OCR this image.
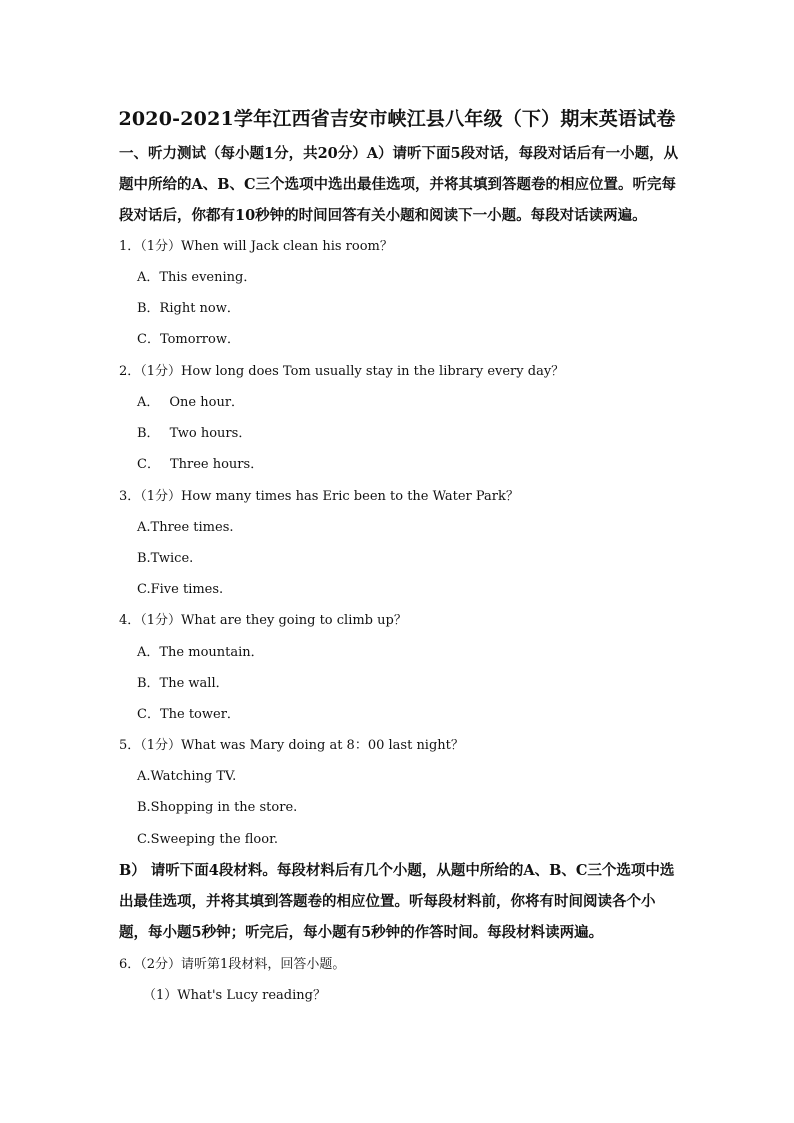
2020-2021学年江西省吉安市峡江县八年级（下）期末英语试卷
一、听力测试（每小题1分，共20分）A）请听下面5段对话，每段对话后有一小题，从题中所给的A、B、C三个选项中选出最佳选项，并将其填到答题卷的相应位置。听完每段对话后，你都有10秒钟的时间回答有关小题和阅读下一小题。每段对话读两遍。
1．（1分）When will Jack clean his room？
A．This evening．
B．Right now．
C．Tomorrow．
2．（1分）How long does Tom usually stay in the library every day？
A． One hour．
B． Two hours．
C． Three hours．
3．（1分）How many times has Eric been to the Water Park？
A.Three times.
B.Twice.
C.Five times.
4．（1分）What are they going to climb up？
A．The mountain．
B．The wall．
C．The tower．
5．（1分）What was Mary doing at 8：00 last night？
A.Watching TV.
B.Shopping in the store.
C.Sweeping the floor.
B） 请听下面4段材料。每段材料后有几个小题，从题中所给的A、B、C三个选项中选出最佳选项，并将其填到答题卷的相应位置。听每段材料前，你将有时间阅读各个小题，每小题5秒钟；听完后，每小题有5秒钟的作答时间。每段材料读两遍。
6．（2分）请听第1段材料，回答小题。
（1）What's Lucy reading？
